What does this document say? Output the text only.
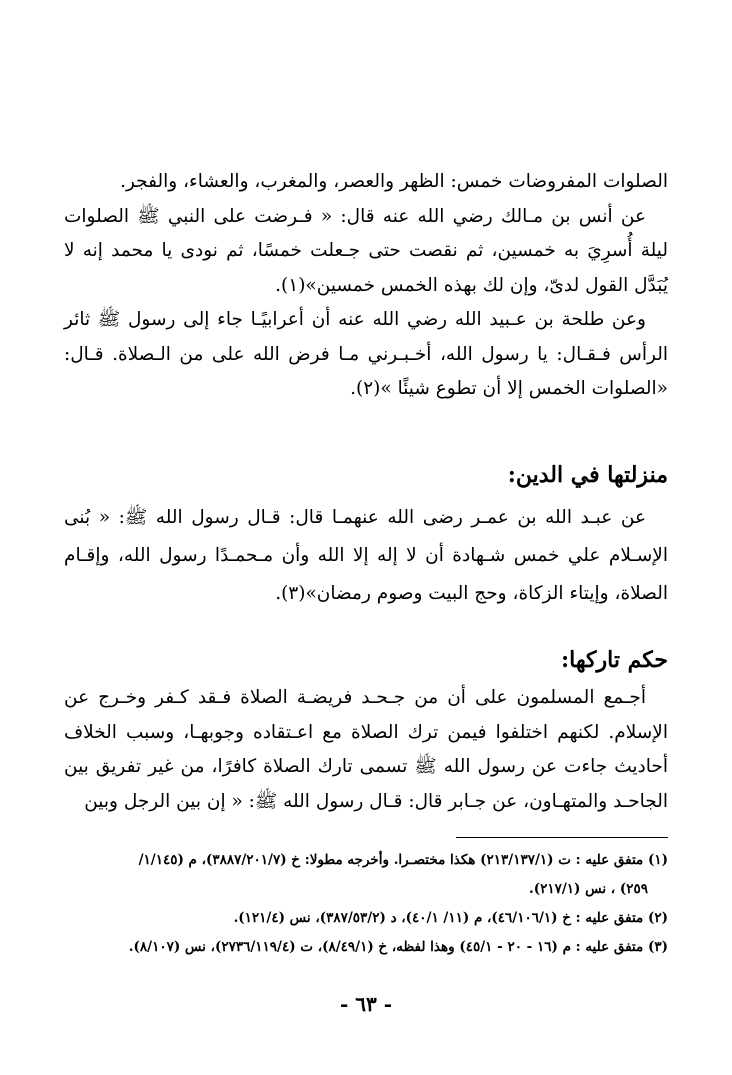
الصلوات المفروضات خمس: الظهر والعصر، والمغرب، والعشاء، والفجر.

عن أنس بن مـالك رضي الله عنه قال: « فـرضت على النبي ﷺ الصلوات ليلة أُسرِيَ به خمسين، ثم نقصت حتى جـعلت خمسًا، ثم نودى يا محمد إنه لا يُبَدَّل القول لدىّ، وإن لك بهذه الخمس خمسين»(١).

وعن طلحة بن عـبيد الله رضي الله عنه أن أعرابيًـا جاء إلى رسول ﷺ ثائر الرأس فـقـال: يا رسول الله، أخـبـرني مـا فرض الله على من الـصلاة. قـال: «الصلوات الخمس إلا أن تطوع شيئًا »(٢).

منزلتها في الدين:

عن عبـد الله بن عمـر رضى الله عنهمـا قال: قـال رسول الله ﷺ: « بُنى الإسـلام علي خمس شـهادة أن لا إله إلا الله وأن مـحمـدًا رسول الله، وإقـام الصلاة، وإيتاء الزكاة، وحج البيت وصوم رمضان»(٣).

حكم تاركها:

أجـمع المسلمون على أن من جـحـد فريضـة الصلاة فـقد كـفر وخـرج عن الإسلام. لكنهم اختلفوا فيمن ترك الصلاة مع اعـتقاده وجوبهـا، وسبب الخلاف أحاديث جاءت عن رسول الله ﷺ تسمى تارك الصلاة كافرًا، من غير تفريق بين الجاحـد والمتهـاون، عن جـابر قال: قـال رسول الله ﷺ: « إن بين الرجل وبين

(١) متفق عليه : ت (٢١٣/١٣٧/١) هكذا مختصـرا. وأخرجه مطولا: خ (٣٨٨٧/٢٠١/٧)، م (١/١٤٥/

٢٥٩) ، نس (٢١٧/١).

(٢) متفق عليه : خ (٤٦/١٠٦/١)، م (١١/ ٤٠/١)، د (٣٨٧/٥٣/٢)، نس (١٢١/٤).

(٣) متفق عليه : م (١٦ - ٢٠ - ٤٥/١) وهذا لفظه، خ (٨/٤٩/١)، ت (٢٧٣٦/١١٩/٤)، نس (٨/١٠٧).

- ٦٣ -
